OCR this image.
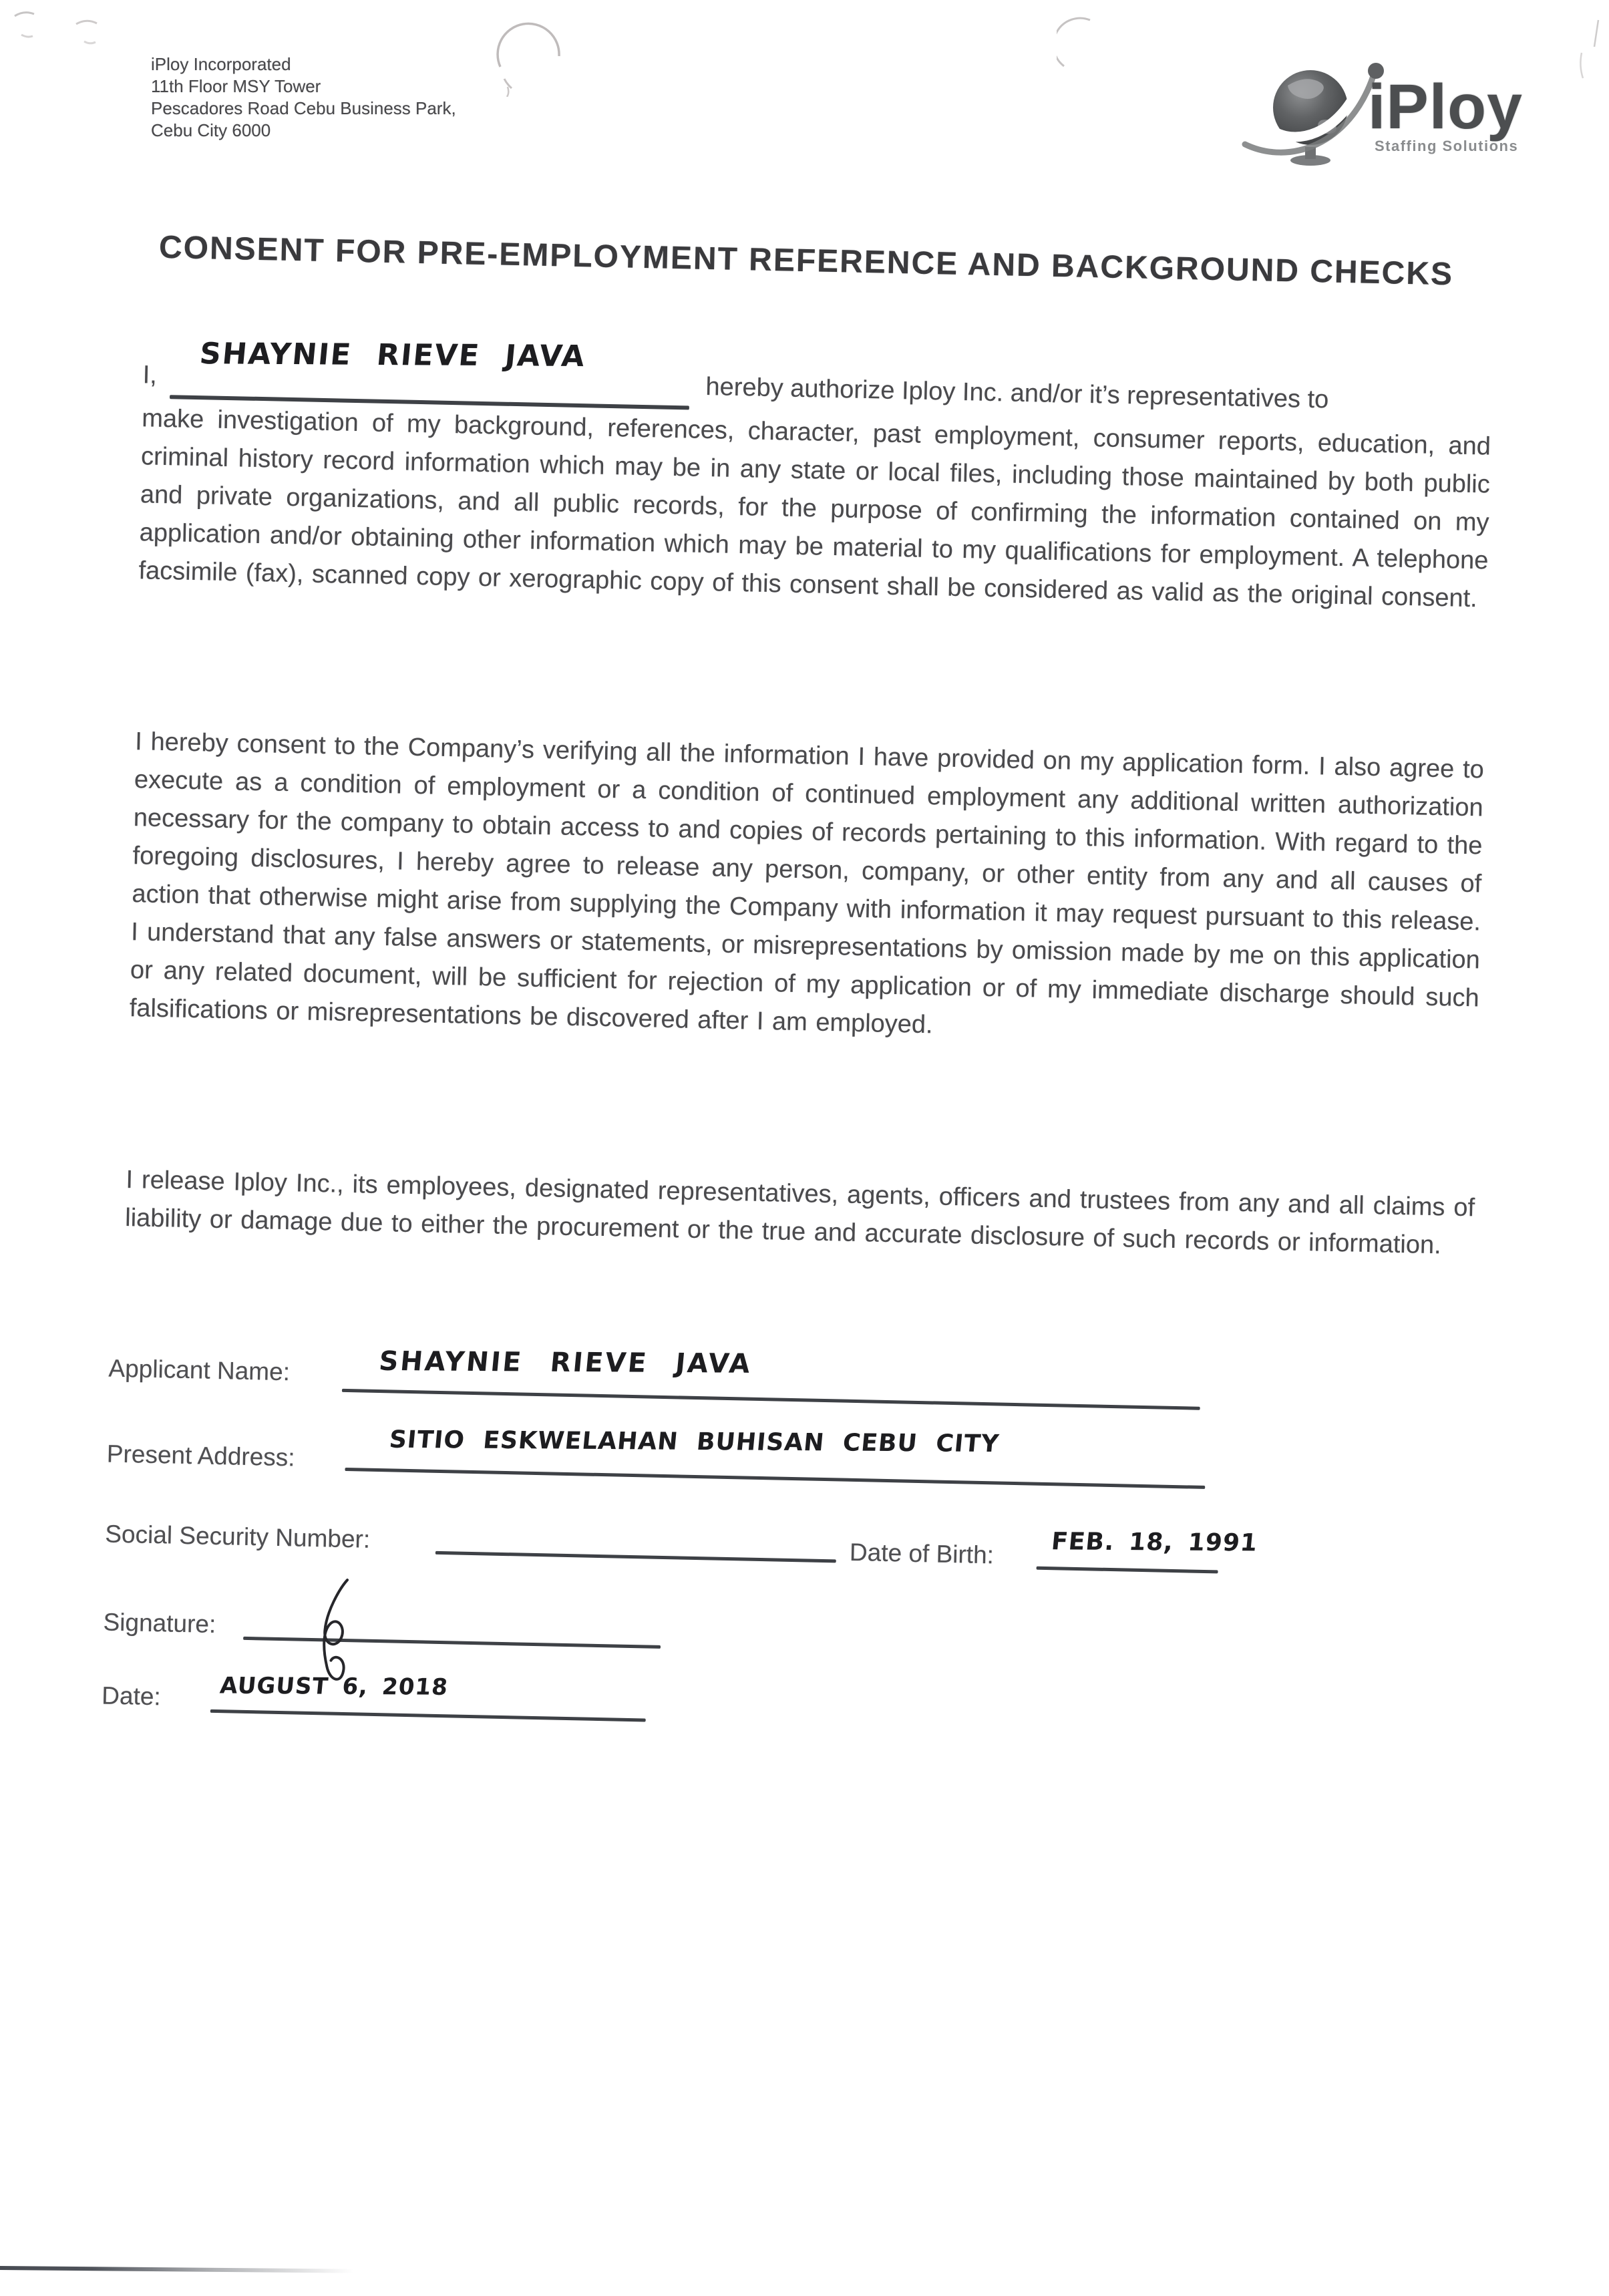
iPloy Incorporated
11th Floor MSY Tower
Pescadores Road Cebu Business Park,
Cebu City 6000	iPloy
Staffing Solutions
CONSENT FOR PRE-EMPLOYMENT REFERENCE AND BACKGROUND CHECKS
I,
SHAYNIE RIEVE JAVA
hereby authorize Iploy Inc. and/or it’s representatives to
make investigation of my background, references, character, past employment, consumer reports, education, and criminal history record information which may be in any state or local files, including those maintained by both public and private organizations, and all public records, for the purpose of confirming the information contained on my application and/or obtaining other information which may be material to my qualifications for employment. A telephone facsimile (fax), scanned copy or xerographic copy of this consent shall be considered as valid as the original consent.
I hereby consent to the Company’s verifying all the information I have provided on my application form. I also agree to execute as a condition of employment or a condition of continued employment any additional written authorization necessary for the company to obtain access to and copies of records pertaining to this information. With regard to the foregoing disclosures, I hereby agree to release any person, company, or other entity from any and all causes of action that otherwise might arise from supplying the Company with information it may request pursuant to this release. I understand that any false answers or statements, or misrepresentations by omission made by me on this application or any related document, will be sufficient for rejection of my application or of my immediate discharge should such falsifications or misrepresentations be discovered after I am employed.
I release Iploy Inc., its employees, designated representatives, agents, officers and trustees from any and all claims of liability or damage due to either the procurement or the true and accurate disclosure of such records or information.
Applicant Name:	SHAYNIE RIEVE JAVA
Present Address:	SITIO ESKWELAHAN BUHISAN CEBU CITY
Social Security Number:
Date of Birth: FEB. 18, 1991
Signature:
Date:	AUGUST 6, 2018
